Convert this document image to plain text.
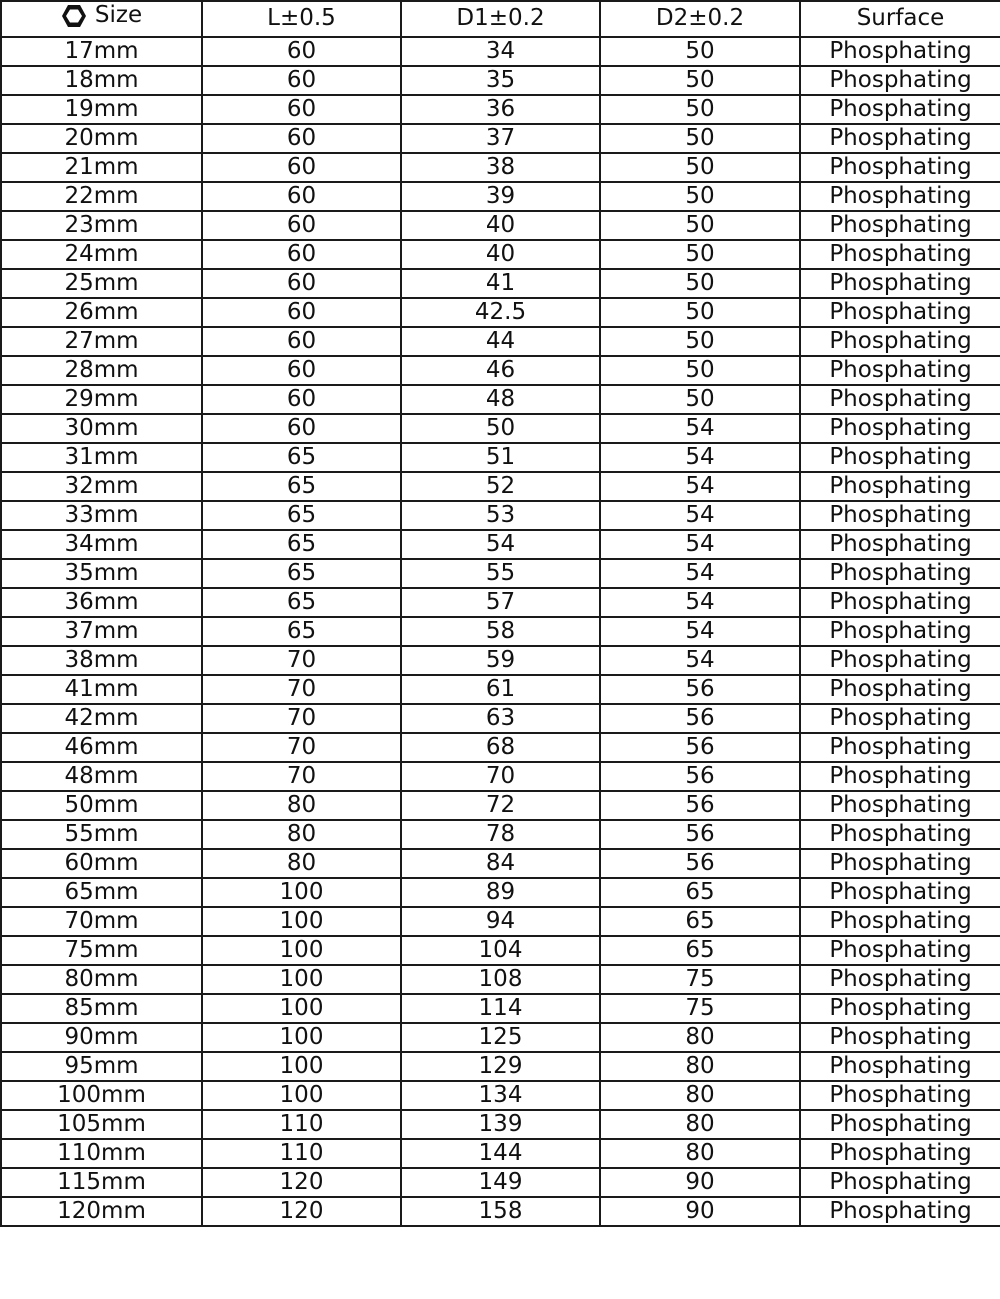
Size	L±0.5	D1±0.2	D2±0.2	Surface
17mm	60	34	50	Phosphating
18mm	60	35	50	Phosphating
19mm	60	36	50	Phosphating
20mm	60	37	50	Phosphating
21mm	60	38	50	Phosphating
22mm	60	39	50	Phosphating
23mm	60	40	50	Phosphating
24mm	60	40	50	Phosphating
25mm	60	41	50	Phosphating
26mm	60	42.5	50	Phosphating
27mm	60	44	50	Phosphating
28mm	60	46	50	Phosphating
29mm	60	48	50	Phosphating
30mm	60	50	54	Phosphating
31mm	65	51	54	Phosphating
32mm	65	52	54	Phosphating
33mm	65	53	54	Phosphating
34mm	65	54	54	Phosphating
35mm	65	55	54	Phosphating
36mm	65	57	54	Phosphating
37mm	65	58	54	Phosphating
38mm	70	59	54	Phosphating
41mm	70	61	56	Phosphating
42mm	70	63	56	Phosphating
46mm	70	68	56	Phosphating
48mm	70	70	56	Phosphating
50mm	80	72	56	Phosphating
55mm	80	78	56	Phosphating
60mm	80	84	56	Phosphating
65mm	100	89	65	Phosphating
70mm	100	94	65	Phosphating
75mm	100	104	65	Phosphating
80mm	100	108	75	Phosphating
85mm	100	114	75	Phosphating
90mm	100	125	80	Phosphating
95mm	100	129	80	Phosphating
100mm	100	134	80	Phosphating
105mm	110	139	80	Phosphating
110mm	110	144	80	Phosphating
115mm	120	149	90	Phosphating
120mm	120	158	90	Phosphating
